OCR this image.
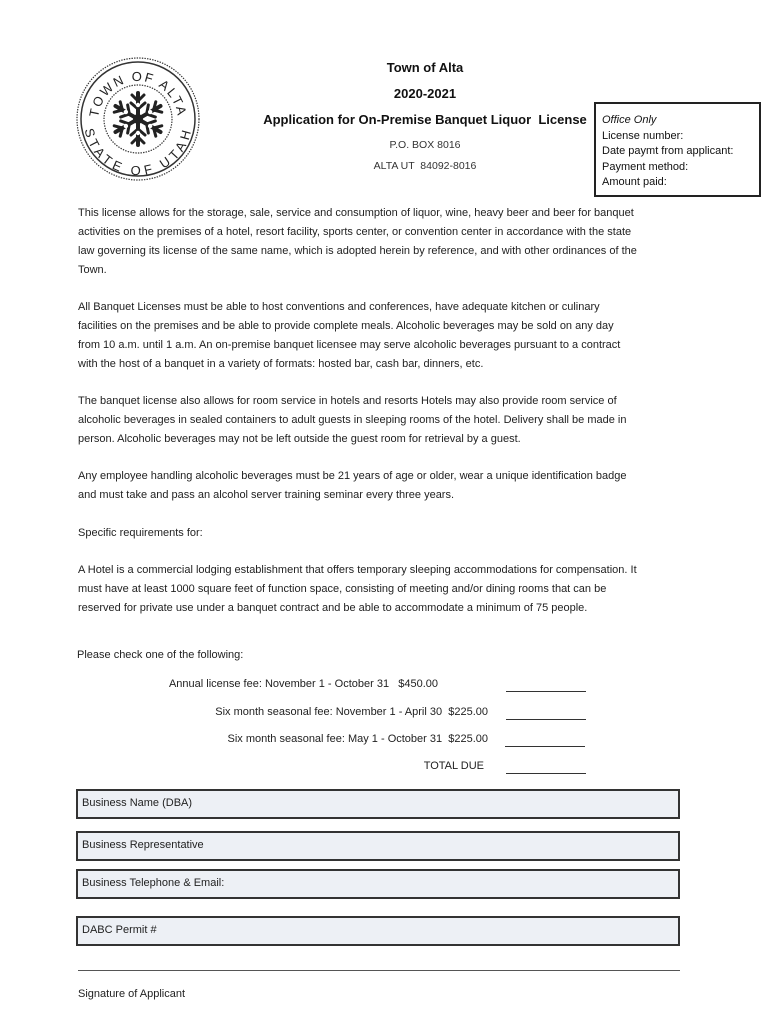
TOWN OF ALTA
STATE OF UTAH
Town of Alta
2020-2021
Application for On-Premise Banquet Liquor  License
P.O. BOX 8016
ALTA UT  84092-8016
Office Only
License number:
Date paymt from applicant:
Payment method:
Amount paid:
This license allows for the storage, sale, service and consumption of liquor, wine, heavy beer and beer for banquet activities on the premises of a hotel, resort facility, sports center, or convention center in accordance with the state law governing its license of the same name, which is adopted herein by reference, and with other ordinances of the Town.
All Banquet Licenses must be able to host conventions and conferences, have adequate kitchen or culinary facilities on the premises and be able to provide complete meals. Alcoholic beverages may be sold on any day from 10 a.m. until 1 a.m. An on-premise banquet licensee may serve alcoholic beverages pursuant to a contract with the host of a banquet in a variety of formats: hosted bar, cash bar, dinners, etc.
The banquet license also allows for room service in hotels and resorts Hotels may also provide room service of alcoholic beverages in sealed containers to adult guests in sleeping rooms of the hotel. Delivery shall be made in person. Alcoholic beverages may not be left outside the guest room for retrieval by a guest.
Any employee handling alcoholic beverages must be 21 years of age or older, wear a unique identification badge and must take and pass an alcohol server training seminar every three years.
Specific requirements for:
A Hotel is a commercial lodging establishment that offers temporary sleeping accommodations for compensation. It must have at least 1000 square feet of function space, consisting of meeting and/or dining rooms that can be reserved for private use under a banquet contract and be able to accommodate a minimum of 75 people.
Please check one of the following:
Annual license fee: November 1 - October 31 $450.00
Six month seasonal fee: November 1 - April 30 $225.00
Six month seasonal fee: May 1 - October 31 $225.00
TOTAL DUE
Business Name (DBA)
Business Representative
Business Telephone & Email:
DABC Permit #
Signature of Applicant
